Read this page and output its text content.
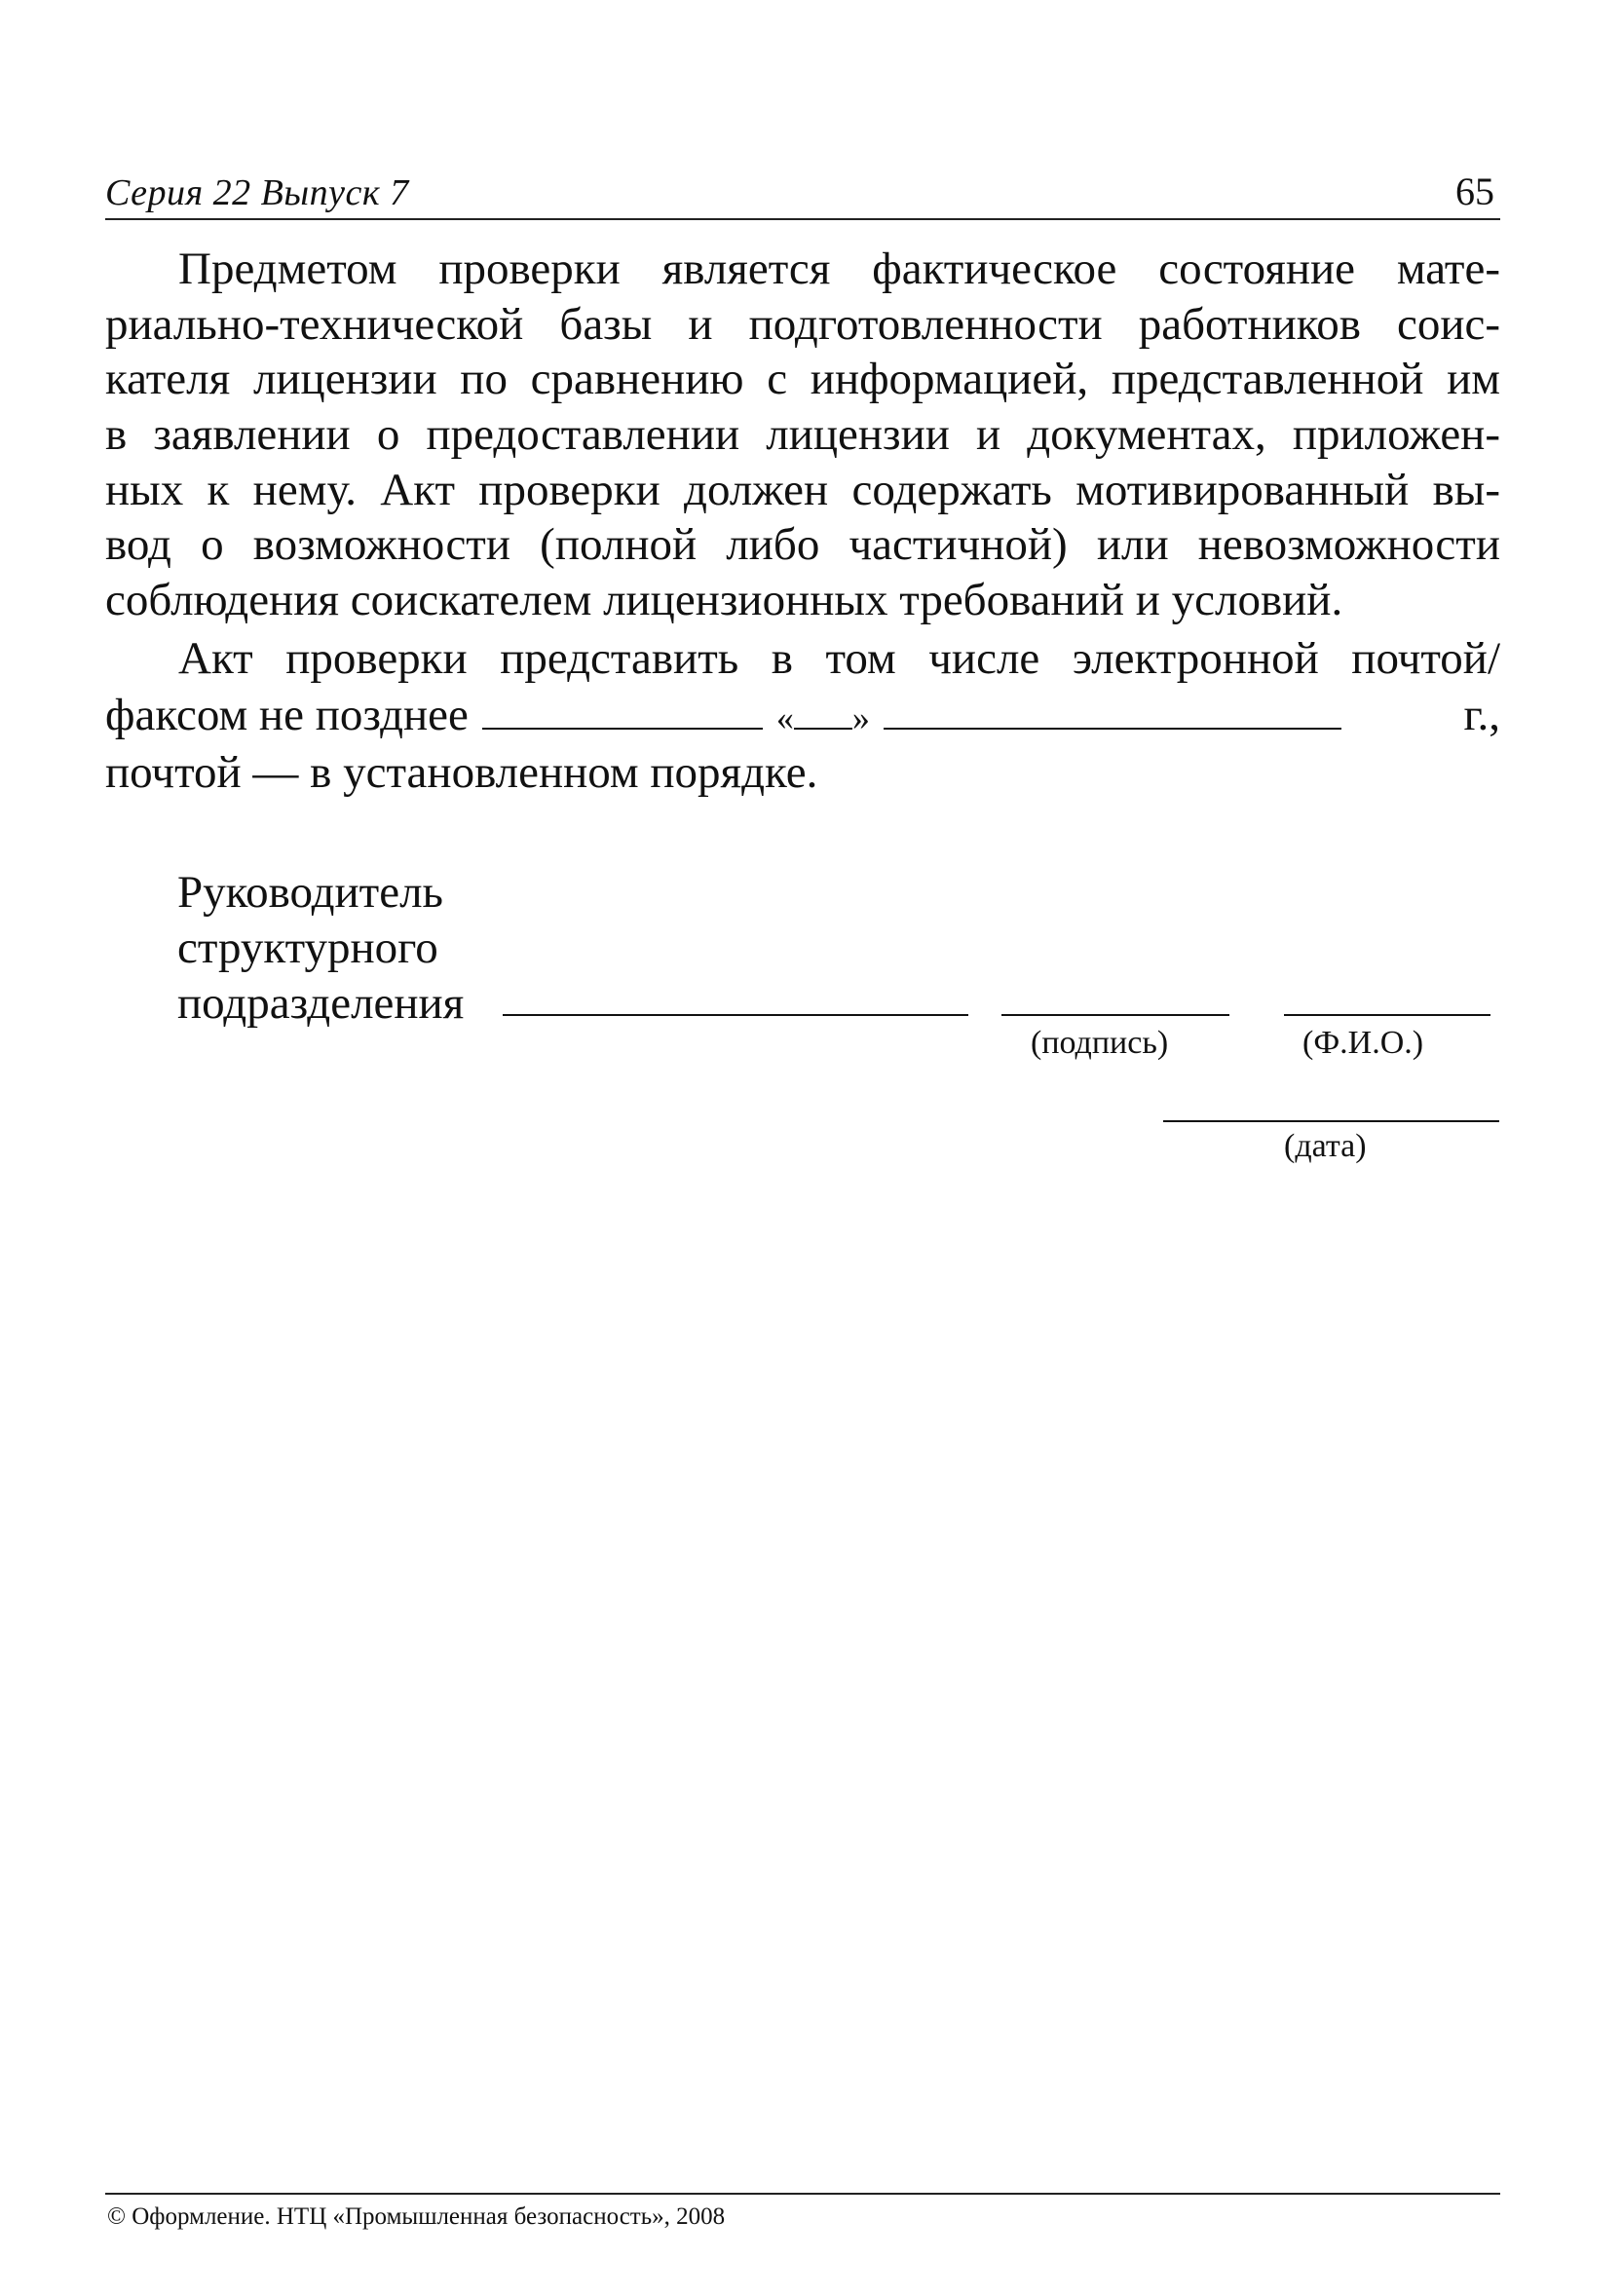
Серия 22 Выпуск 7	65
Предметом проверки является фактическое состояние мате-
риально-технической базы и подготовленности работников соис-
кателя лицензии по сравнению с информацией, представленной им
в заявлении о предоставлении лицензии и документах, приложен-
ных к нему. Акт проверки должен содержать мотивированный вы-
вод о возможности (полной либо частичной) или невозможности
соблюдения соискателем лицензионных требований и условий.
Акт проверки представить в том числе электронной почтой/
факсом не позднее	« »	г.,
почтой — в установленном порядке.
Руководитель
структурного
подразделения
(подпись)	(Ф.И.О.)
(дата)
© Оформление. НТЦ «Промышленная безопасность», 2008
